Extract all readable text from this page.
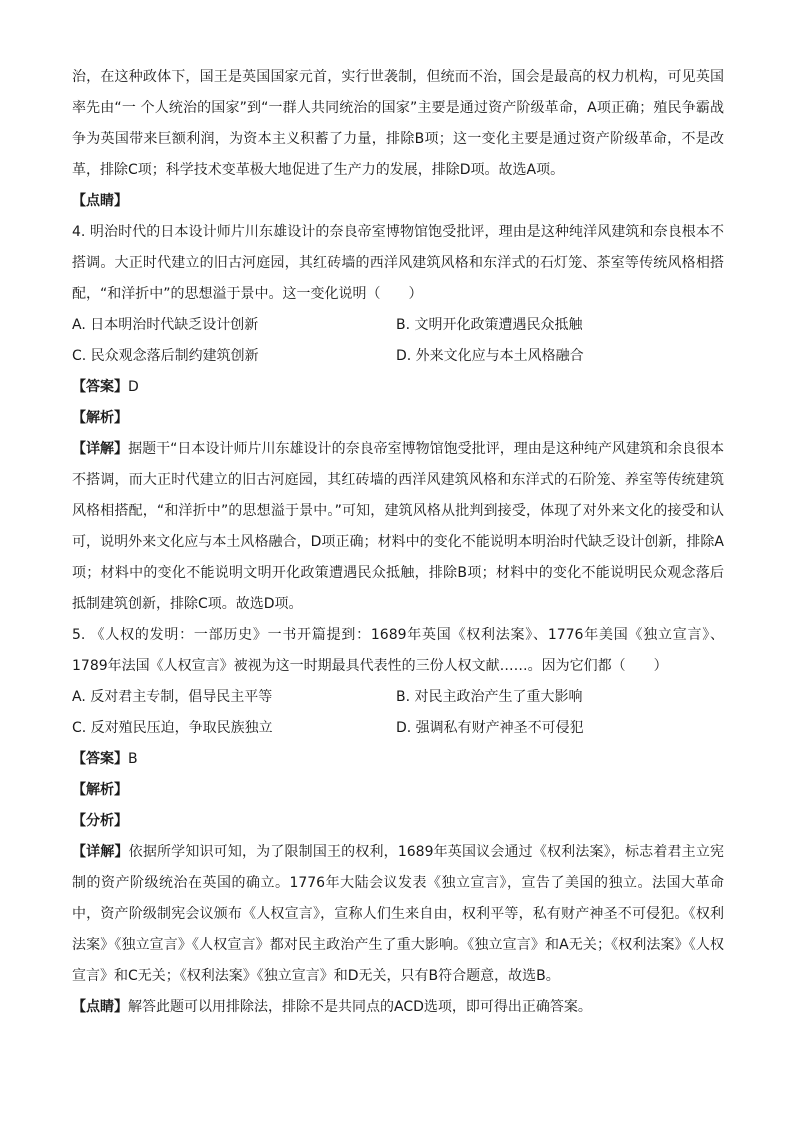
治，在这种政体下，国王是英国国家元首，实行世袭制，但统而不治，国会是最高的权力机构，可见英国率先由“一 个人统治的国家”到“一群人共同统治的国家”主要是通过资产阶级革命，A项正确；殖民争霸战争为英国带来巨额利润，为资本主义积蓄了力量，排除B项；这一变化主要是通过资产阶级革命，不是改革，排除C项；科学技术变革极大地促进了生产力的发展，排除D项。故选A项。

【点睛】

4. 明治时代的日本设计师片川东雄设计的奈良帝室博物馆饱受批评，理由是这种纯洋风建筑和奈良根本不搭调。大正时代建立的旧古河庭园，其红砖墙的西洋风建筑风格和东洋式的石灯笼、茶室等传统风格相搭配，“和洋折中”的思想溢于景中。这一变化说明（　　）

A. 日本明治时代缺乏设计创新	B. 文明开化政策遭遇民众抵触
C. 民众观念落后制约建筑创新	D. 外来文化应与本土风格融合

【答案】D

【解析】

【详解】据题干“日本设计师片川东雄设计的奈良帝室博物馆饱受批评，理由是这种纯产风建筑和余良很本不搭调，而大正时代建立的旧古河庭园，其红砖墙的西洋风建筑风格和东洋式的石阶笼、养室等传统建筑风格相搭配，“和洋折中”的思想溢于景中。”可知，建筑风格从批判到接受，体现了对外来文化的接受和认可，说明外来文化应与本土风格融合，D项正确；材料中的变化不能说明本明治时代缺乏设计创新，排除A项；材料中的变化不能说明文明开化政策遭遇民众抵触，排除B项；材料中的变化不能说明民众观念落后抵制建筑创新，排除C项。故选D项。

5. 《人权的发明：一部历史》一书开篇提到：1689年英国《权利法案》、1776年美国《独立宣言》、1789年法国《人权宣言》被视为这一时期最具代表性的三份人权文献……。因为它们都（　　）

A. 反对君主专制，倡导民主平等	B. 对民主政治产生了重大影响
C. 反对殖民压迫，争取民族独立	D. 强调私有财产神圣不可侵犯

【答案】B

【解析】

【分析】

【详解】依据所学知识可知，为了限制国王的权利，1689年英国议会通过《权利法案》，标志着君主立宪制的资产阶级统治在英国的确立。1776年大陆会议发表《独立宣言》，宣告了美国的独立。法国大革命中，资产阶级制宪会议颁布《人权宣言》，宣称人们生来自由，权利平等，私有财产神圣不可侵犯。《权利法案》《独立宣言》《人权宣言》都对民主政治产生了重大影响。《独立宣言》和A无关；《权利法案》《人权宣言》和C无关；《权利法案》《独立宣言》和D无关，只有B符合题意，故选B。

【点睛】解答此题可以用排除法，排除不是共同点的ACD选项，即可得出正确答案。
